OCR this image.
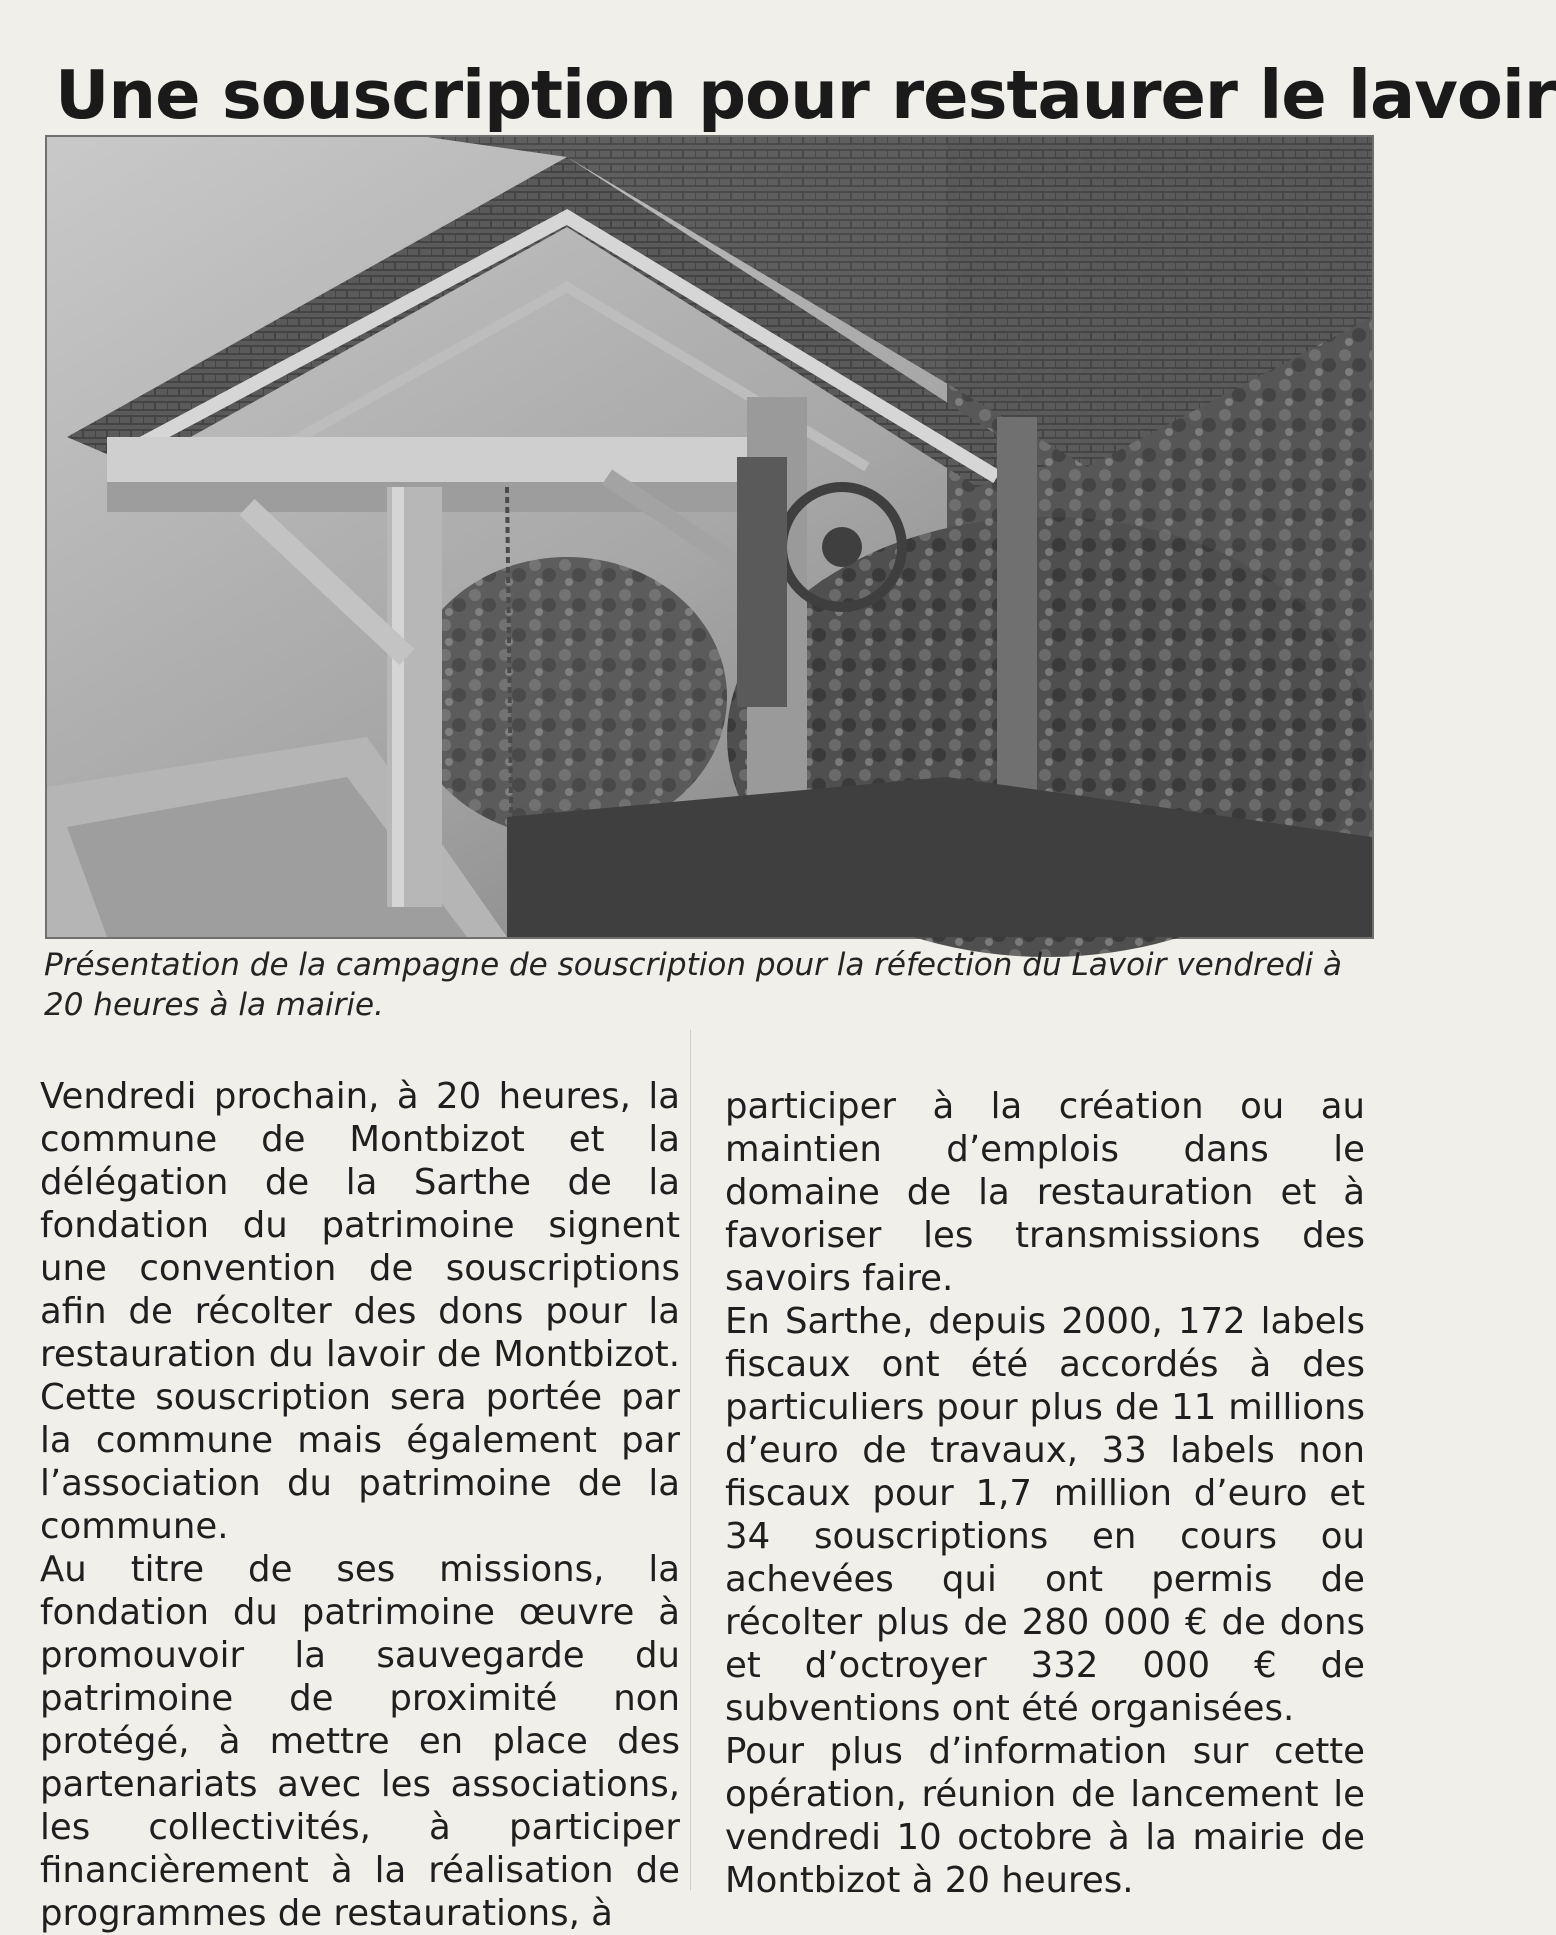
Une souscription pour restaurer le lavoir
Présentation de la campagne de souscription pour la réfection du Lavoir vendredi à 20 heures à la mairie.

Vendredi prochain, à 20 heures, la commune de Montbizot et la délégation de la Sarthe de la fondation du patrimoine signent une convention de souscriptions afin de récolter des dons pour la restauration du lavoir de Montbizot. Cette souscription sera portée par la commune mais également par l’association du patrimoine de la commune.

Au titre de ses missions, la fondation du patrimoine œuvre à promouvoir la sauvegarde du patrimoine de proximité non protégé, à mettre en place des partenariats avec les associations, les collectivités, à participer financièrement à la réalisation de programmes de restaurations, à

participer à la création ou au maintien d’emplois dans le domaine de la restauration et à favoriser les transmissions des savoirs faire.

En Sarthe, depuis 2000, 172 labels fiscaux ont été accordés à des particuliers pour plus de 11 millions d’euro de travaux, 33 labels non fiscaux pour 1,7 million d’euro et 34 souscriptions en cours ou achevées qui ont permis de récolter plus de 280 000 € de dons et d’octroyer 332 000 € de subventions ont été organisées.

Pour plus d’information sur cette opération, réunion de lancement le vendredi 10 octobre à la mairie de Montbizot à 20 heures.
